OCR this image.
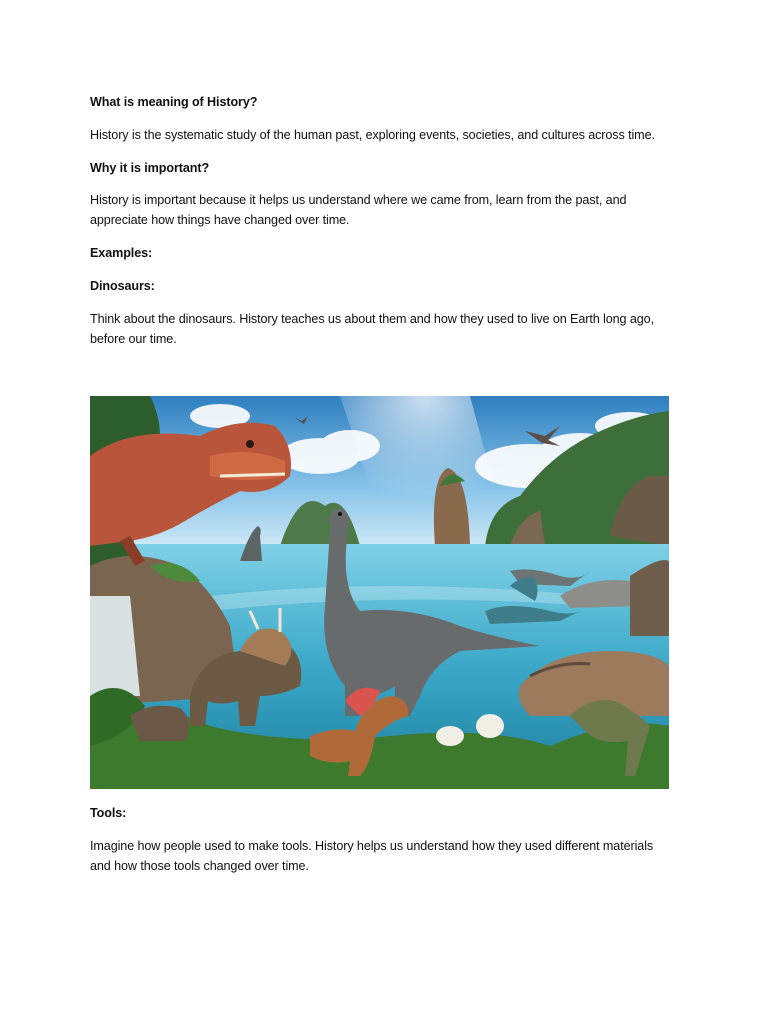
What is meaning of History?

History is the systematic study of the human past, exploring events, societies, and cultures across time.

Why it is important?

History is important because it helps us understand where we came from, learn from the past, and appreciate how things have changed over time.

Examples:

Dinosaurs:

Think about the dinosaurs. History teaches us about them and how they used to live on Earth long ago, before our time.

Tools:

Imagine how people used to make tools. History helps us understand how they used different materials and how those tools changed over time.
